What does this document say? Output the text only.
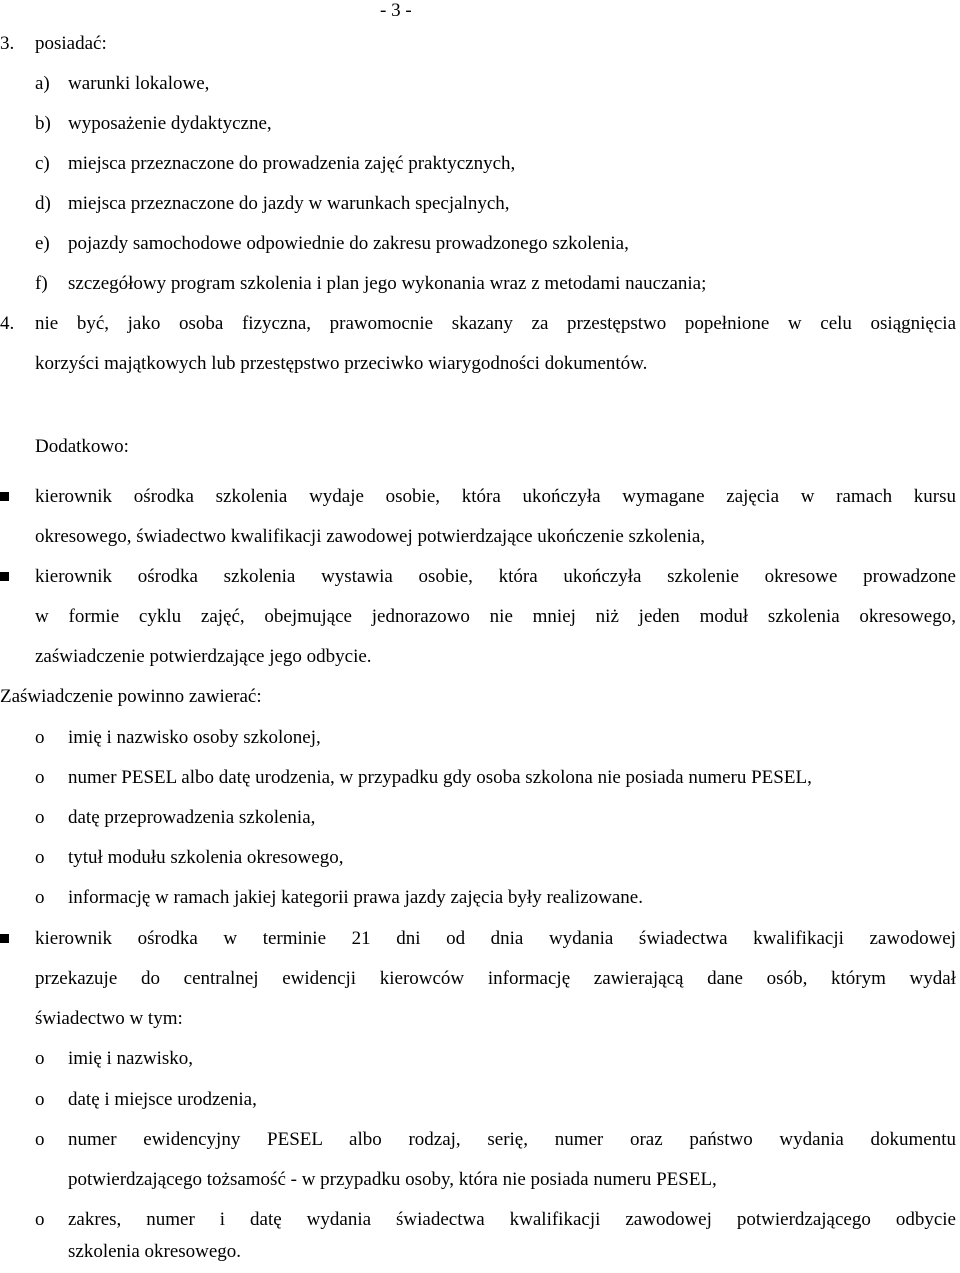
- 3 -
3. posiadać:
a) warunki lokalowe,
b) wyposażenie dydaktyczne,
c) miejsca przeznaczone do prowadzenia zajęć praktycznych,
d) miejsca przeznaczone do jazdy w warunkach specjalnych,
e) pojazdy samochodowe odpowiednie do zakresu prowadzonego szkolenia,
f) szczegółowy program szkolenia i plan jego wykonania wraz z metodami nauczania;
4. nie być, jako osoba fizyczna, prawomocnie skazany za przestępstwo popełnione w celu osiągnięcia
korzyści majątkowych lub przestępstwo przeciwko wiarygodności dokumentów.
Dodatkowo:
kierownik ośrodka szkolenia wydaje osobie, która ukończyła wymagane zajęcia w ramach kursu
okresowego, świadectwo kwalifikacji zawodowej potwierdzające ukończenie szkolenia,
kierownik ośrodka szkolenia wystawia osobie, która ukończyła szkolenie okresowe prowadzone
w formie cyklu zajęć, obejmujące jednorazowo nie mniej niż jeden moduł szkolenia okresowego,
zaświadczenie potwierdzające jego odbycie.
Zaświadczenie powinno zawierać:
o imię i nazwisko osoby szkolonej,
o numer PESEL albo datę urodzenia, w przypadku gdy osoba szkolona nie posiada numeru PESEL,
o datę przeprowadzenia szkolenia,
o tytuł modułu szkolenia okresowego,
o informację w ramach jakiej kategorii prawa jazdy zajęcia były realizowane.
kierownik ośrodka w terminie 21 dni od dnia wydania świadectwa kwalifikacji zawodowej
przekazuje do centralnej ewidencji kierowców informację zawierającą dane osób, którym wydał
świadectwo w tym:
o imię i nazwisko,
o datę i miejsce urodzenia,
o numer ewidencyjny PESEL albo rodzaj, serię, numer oraz państwo wydania dokumentu
potwierdzającego tożsamość - w przypadku osoby, która nie posiada numeru PESEL,
o zakres, numer i datę wydania świadectwa kwalifikacji zawodowej potwierdzającego odbycie
szkolenia okresowego.
